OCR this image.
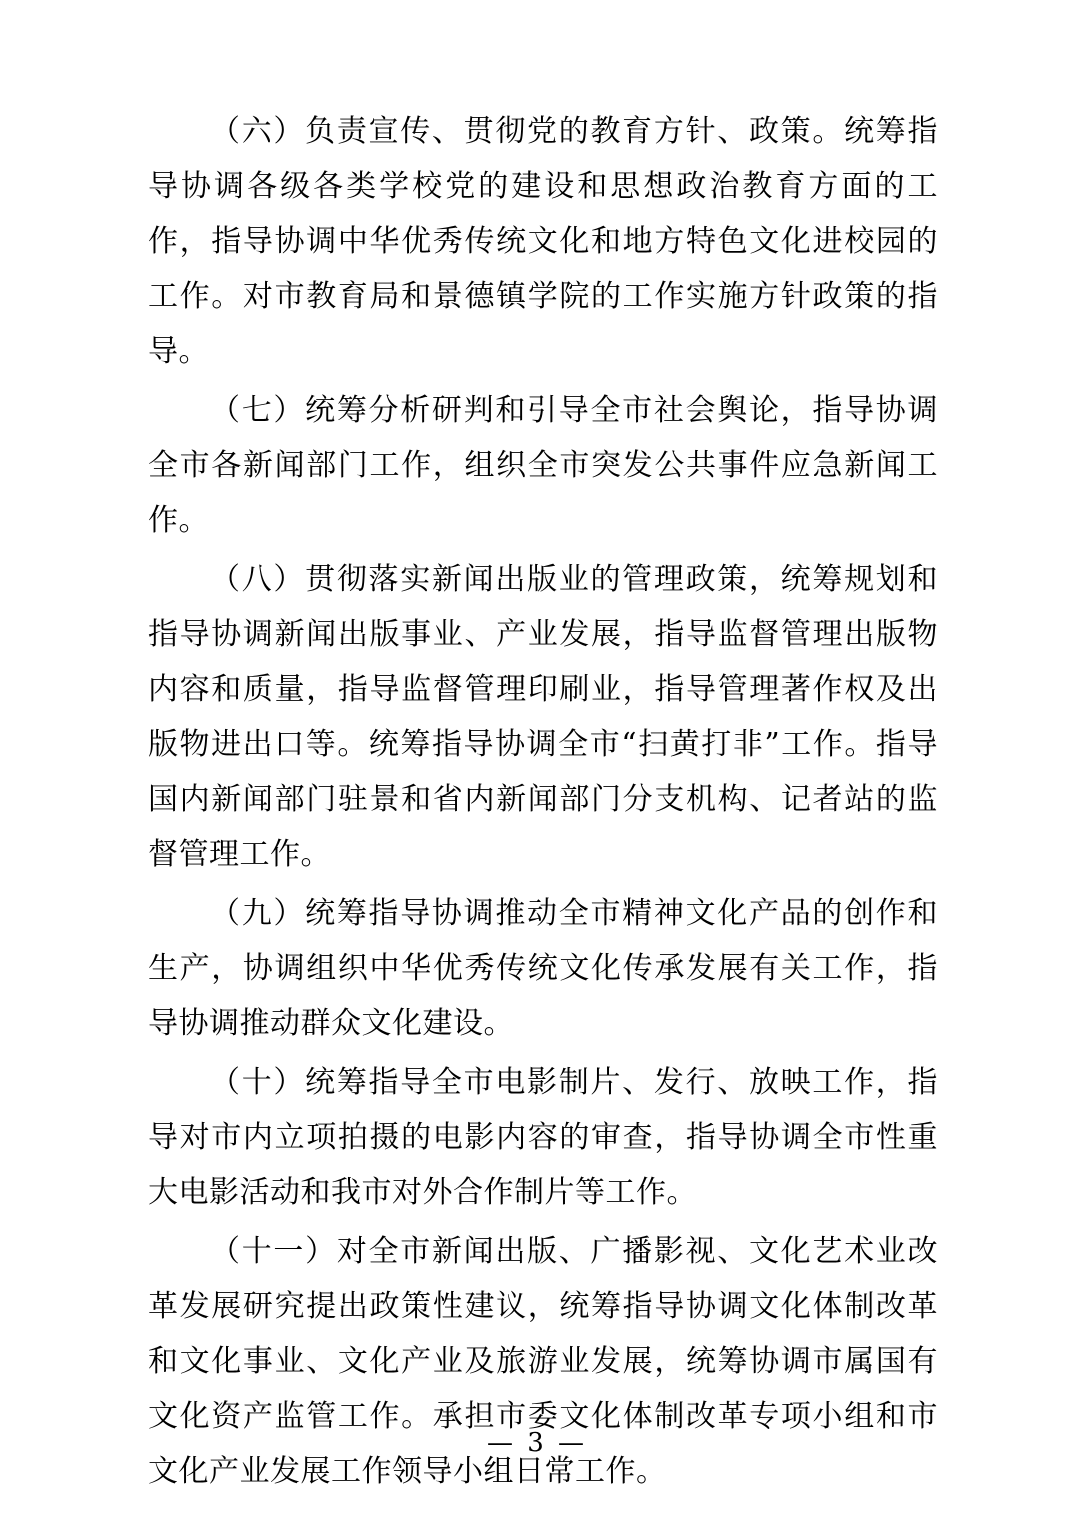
（六）负责宣传、贯彻党的教育方针、政策。统筹指导协调各级各类学校党的建设和思想政治教育方面的工作，指导协调中华优秀传统文化和地方特色文化进校园的工作。对市教育局和景德镇学院的工作实施方针政策的指导。

（七）统筹分析研判和引导全市社会舆论，指导协调全市各新闻部门工作，组织全市突发公共事件应急新闻工作。

（八）贯彻落实新闻出版业的管理政策，统筹规划和指导协调新闻出版事业、产业发展，指导监督管理出版物内容和质量，指导监督管理印刷业，指导管理著作权及出版物进出口等。统筹指导协调全市“扫黄打非”工作。指导国内新闻部门驻景和省内新闻部门分支机构、记者站的监督管理工作。

（九）统筹指导协调推动全市精神文化产品的创作和生产，协调组织中华优秀传统文化传承发展有关工作，指导协调推动群众文化建设。

（十）统筹指导全市电影制片、发行、放映工作，指导对市内立项拍摄的电影内容的审查，指导协调全市性重大电影活动和我市对外合作制片等工作。

（十一）对全市新闻出版、广播影视、文化艺术业改革发展研究提出政策性建议，统筹指导协调文化体制改革和文化事业、文化产业及旅游业发展，统筹协调市属国有文化资产监管工作。承担市委文化体制改革专项小组和市文化产业发展工作领导小组日常工作。

— 3 —
